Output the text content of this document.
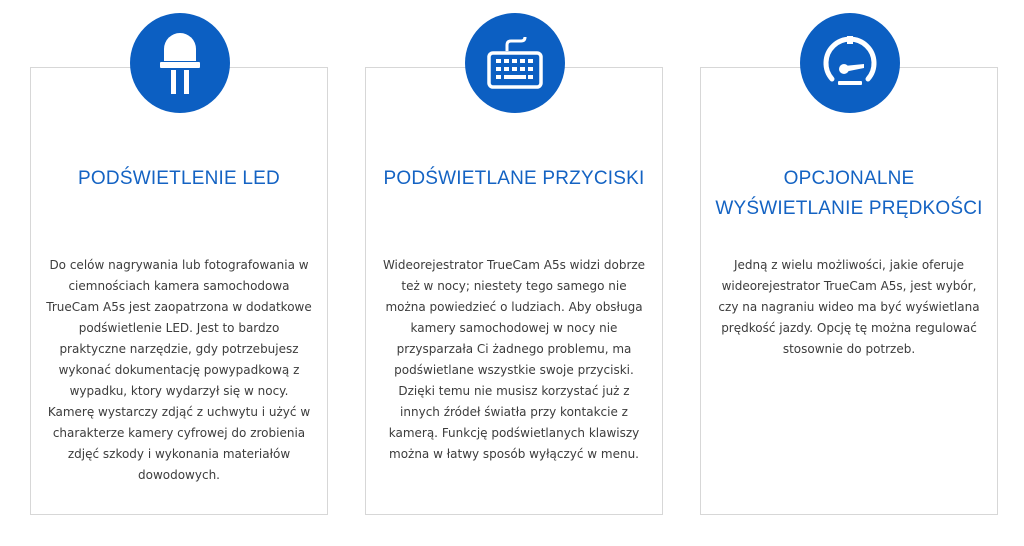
PODŚWIETLENIE LED

Do celów nagrywania lub fotografowania w ciemnościach kamera samochodowa TrueCam A5s jest zaopatrzona w dodatkowe podświetlenie LED. Jest to bardzo praktyczne narzędzie, gdy potrzebujesz wykonać dokumentację powypadkową z wypadku, ktory wydarzył się w nocy. Kamerę wystarczy zdjąć z uchwytu i użyć w charakterze kamery cyfrowej do zrobienia zdjęć szkody i wykonania materiałów dowodowych.

PODŚWIETLANE PRZYCISKI

Wideorejestrator TrueCam A5s widzi dobrze też w nocy; niestety tego samego nie można powiedzieć o ludziach. Aby obsługa kamery samochodowej w nocy nie przysparzała Ci żadnego problemu, ma podświetlane wszystkie swoje przyciski. Dzięki temu nie musisz korzystać już z innych źródeł światła przy kontakcie z kamerą. Funkcję podświetlanych klawiszy można w łatwy sposób wyłączyć w menu.

OPCJONALNE
WYŚWIETLANIE PRĘDKOŚCI

Jedną z wielu możliwości, jakie oferuje wideorejestrator TrueCam A5s, jest wybór, czy na nagraniu wideo ma być wyświetlana prędkość jazdy. Opcję tę można regulować stosownie do potrzeb.
